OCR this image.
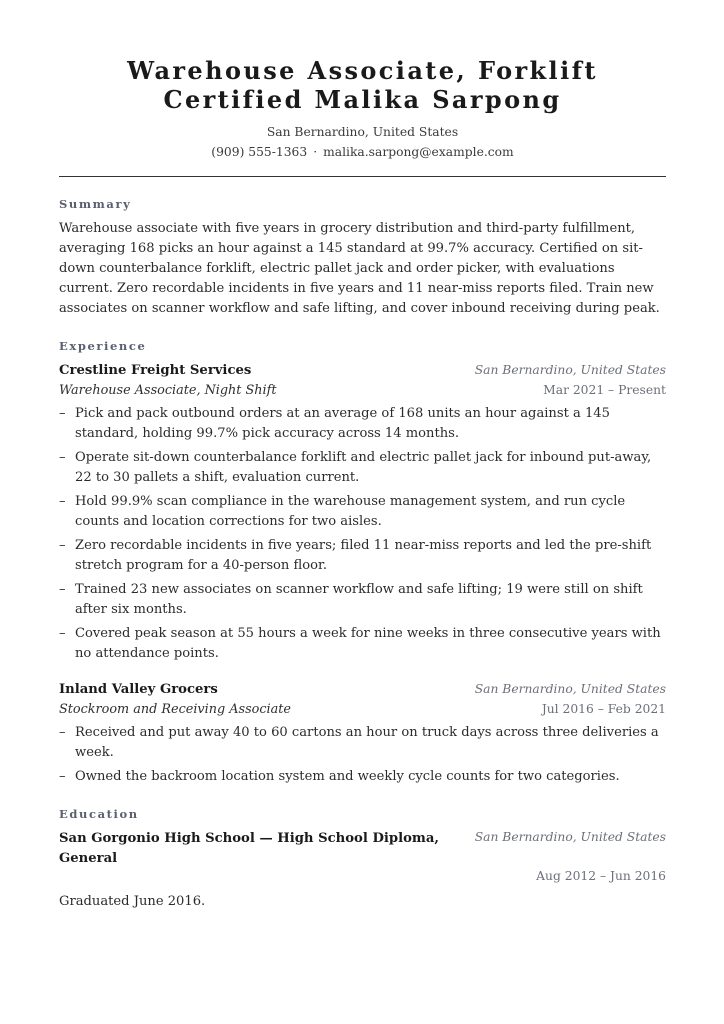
Warehouse Associate, Forklift Certified Malika Sarpong
San Bernardino, United States
(909) 555-1363 · malika.sarpong@example.com
Summary

Warehouse associate with five years in grocery distribution and third-party fulfillment, averaging 168 picks an hour against a 145 standard at 99.7% accuracy. Certified on sit-down counterbalance forklift, electric pallet jack and order picker, with evaluations current. Zero recordable incidents in five years and 11 near-miss reports filed. Train new associates on scanner workflow and safe lifting, and cover inbound receiving during peak.

Experience
Crestline Freight Services	San Bernardino, United States
Warehouse Associate, Night Shift	Mar 2021 – Present
– Pick and pack outbound orders at an average of 168 units an hour against a 145 standard, holding 99.7% pick accuracy across 14 months.
– Operate sit-down counterbalance forklift and electric pallet jack for inbound put-away, 22 to 30 pallets a shift, evaluation current.
– Hold 99.9% scan compliance in the warehouse management system, and run cycle counts and location corrections for two aisles.
– Zero recordable incidents in five years; filed 11 near-miss reports and led the pre-shift stretch program for a 40-person floor.
– Trained 23 new associates on scanner workflow and safe lifting; 19 were still on shift after six months.
– Covered peak season at 55 hours a week for nine weeks in three consecutive years with no attendance points.
Inland Valley Grocers	San Bernardino, United States
Stockroom and Receiving Associate	Jul 2016 – Feb 2021
– Received and put away 40 to 60 cartons an hour on truck days across three deliveries a week.
– Owned the backroom location system and weekly cycle counts for two categories.
Education
San Gorgonio High School — High School Diploma, General
San Bernardino, United States
Aug 2012 – Jun 2016
Graduated June 2016.
